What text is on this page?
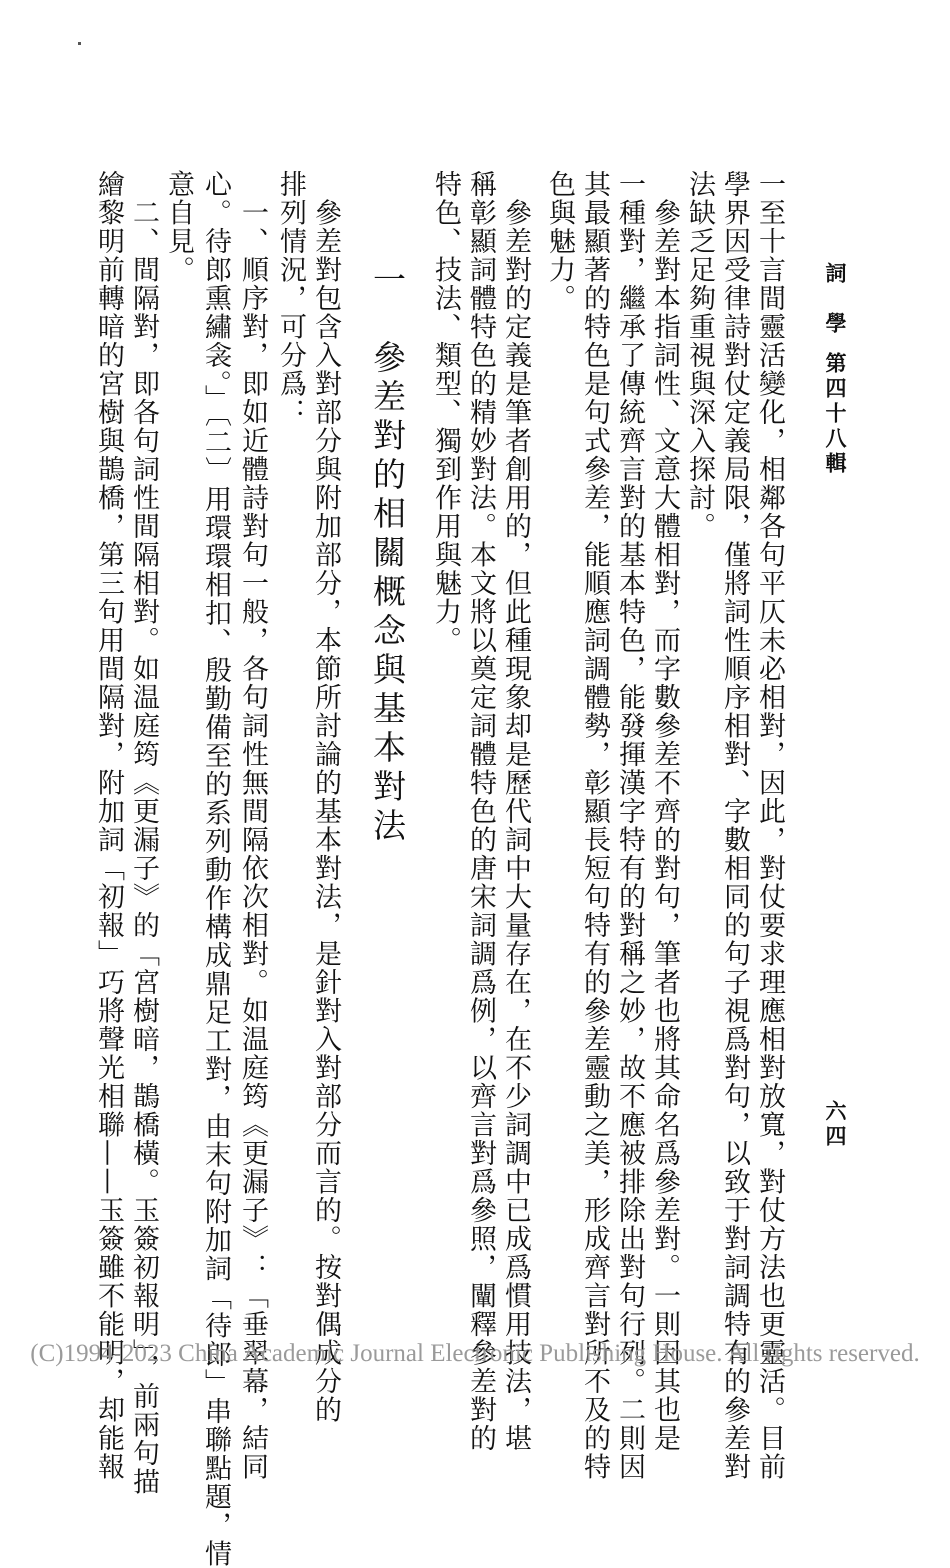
詞　學
第四十八輯
六四
一至十言間靈活變化，相鄰各句平仄未必相對，因此，對仗要求理應相對放寬，對仗方法也更靈活。目前
學界因受律詩對仗定義局限，僅將詞性順序相對、字數相同的句子視爲對句，以致于對詞調特有的參差對
法缺乏足夠重視與深入探討。
　參差對本指詞性、文意大體相對，而字數參差不齊的對句，筆者也將其命名爲參差對。一則因其也是
一種對，繼承了傳統齊言對的基本特色，能發揮漢字特有的對稱之妙，故不應被排除出對句行列。二則因
其最顯著的特色是句式參差，能順應詞調體勢，彰顯長短句特有的參差靈動之美，形成齊言對所不及的特
色與魅力。
　參差對的定義是筆者創用的，但此種現象却是歷代詞中大量存在，在不少詞調中已成爲慣用技法，堪
稱彰顯詞體特色的精妙對法。本文將以奠定詞體特色的唐宋詞調爲例，以齊言對爲參照，闡釋參差對的
特色、技法、類型、獨到作用與魅力。
一　參差對的相關概念與基本對法
　參差對包含入對部分與附加部分，本節所討論的基本對法，是針對入對部分而言的。按對偶成分的
排列情況，可分爲：
　一、順序對，即如近體詩對句一般，各句詞性無間隔依次相對。如温庭筠《更漏子》：「垂翠幕，結同
心。待郎熏繡衾。」〔二〕用環環相扣、殷勤備至的系列動作構成鼎足工對，由末句附加詞「待郎」串聯點題，情
意自見。
　二、間隔對，即各句詞性間隔相對。如温庭筠《更漏子》的「宮樹暗，鵲橋橫。玉簽初報明」，前兩句描
繪黎明前轉暗的宮樹與鵲橋，第三句用間隔對，附加詞「初報」巧將聲光相聯——玉簽雖不能明，却能報
(C)1994-2023 China Academic Journal Electronic Publishing House. All rights reserved.
